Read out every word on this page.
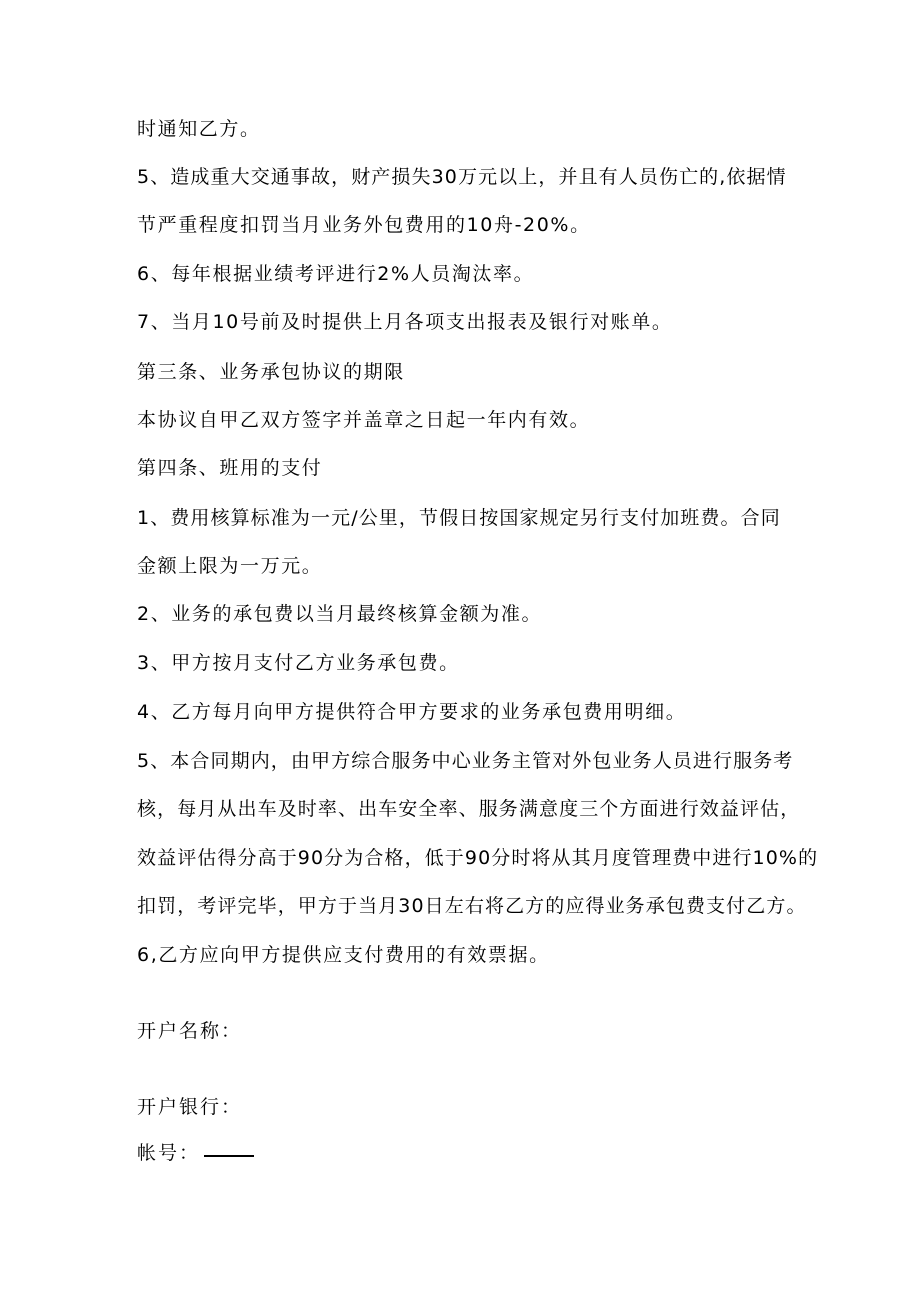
时通知乙方。
5、造成重大交通事故，财产损失30万元以上，并且有人员伤亡的,依据情
节严重程度扣罚当月业务外包费用的10舟-20%。
6、每年根据业绩考评进行2%人员淘汰率。
7、当月10号前及时提供上月各项支出报表及银行对账单。
第三条、业务承包协议的期限
本协议自甲乙双方签字并盖章之日起一年内有效。
第四条、班用的支付
1、费用核算标准为一元/公里，节假日按国家规定另行支付加班费。合同
金额上限为一万元。
2、业务的承包费以当月最终核算金额为准。
3、甲方按月支付乙方业务承包费。
4、乙方每月向甲方提供符合甲方要求的业务承包费用明细。
5、本合同期内，由甲方综合服务中心业务主管对外包业务人员进行服务考
核，每月从出车及时率、出车安全率、服务满意度三个方面进行效益评估，
效益评估得分高于90分为合格，低于90分时将从其月度管理费中进行10%的
扣罚，考评完毕，甲方于当月30日左右将乙方的应得业务承包费支付乙方。
6,乙方应向甲方提供应支付费用的有效票据。
开户名称：
开户银行：
帐号：
